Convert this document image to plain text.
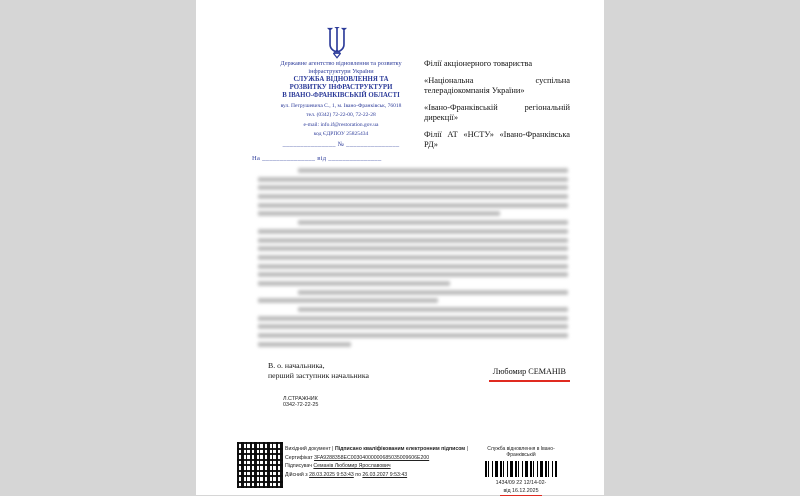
Державне агентство відновлення та розвитку
інфраструктури України
СЛУЖБА ВІДНОВЛЕННЯ ТА
РОЗВИТКУ ІНФРАСТРУКТУРИ
В ІВАНО-ФРАНКІВСЬКІЙ ОБЛАСТІ
вул. Петрушевича С., 1, м. Івано-Франківськ, 76018
тел. (0342) 72-22-00, 72-22-28
e-mail: info.if@restoration.gov.ua
код ЄДРПОУ 25825434
_______________ № _______________
На _______________ від _______________

Філії акціонерного товариства

«Національна суспільна телерадіокомпанія України»

«Івано-Франківській регіональній дирекції»

Філії АТ «НСТУ» «Івано-Франківська РД»

В. о. начальника,
перший заступник начальника	Любомир СЕМАНІВ
Л.СТРАЖНИК
0342-72-22-25
Вихідний документ | Підписано кваліфікованим електронним підписом |
Сертифікат 3FA9288358EC00304000000685035009606E200
Підписувач Семанів Любомир Ярославович
Дійсний з 28.03.2025 9:53:43 по 26.03.2027 9:53:43
Служба відновлення в Івано-Франківській
1434/09 22 12/14-02-
від 16.12.2025
